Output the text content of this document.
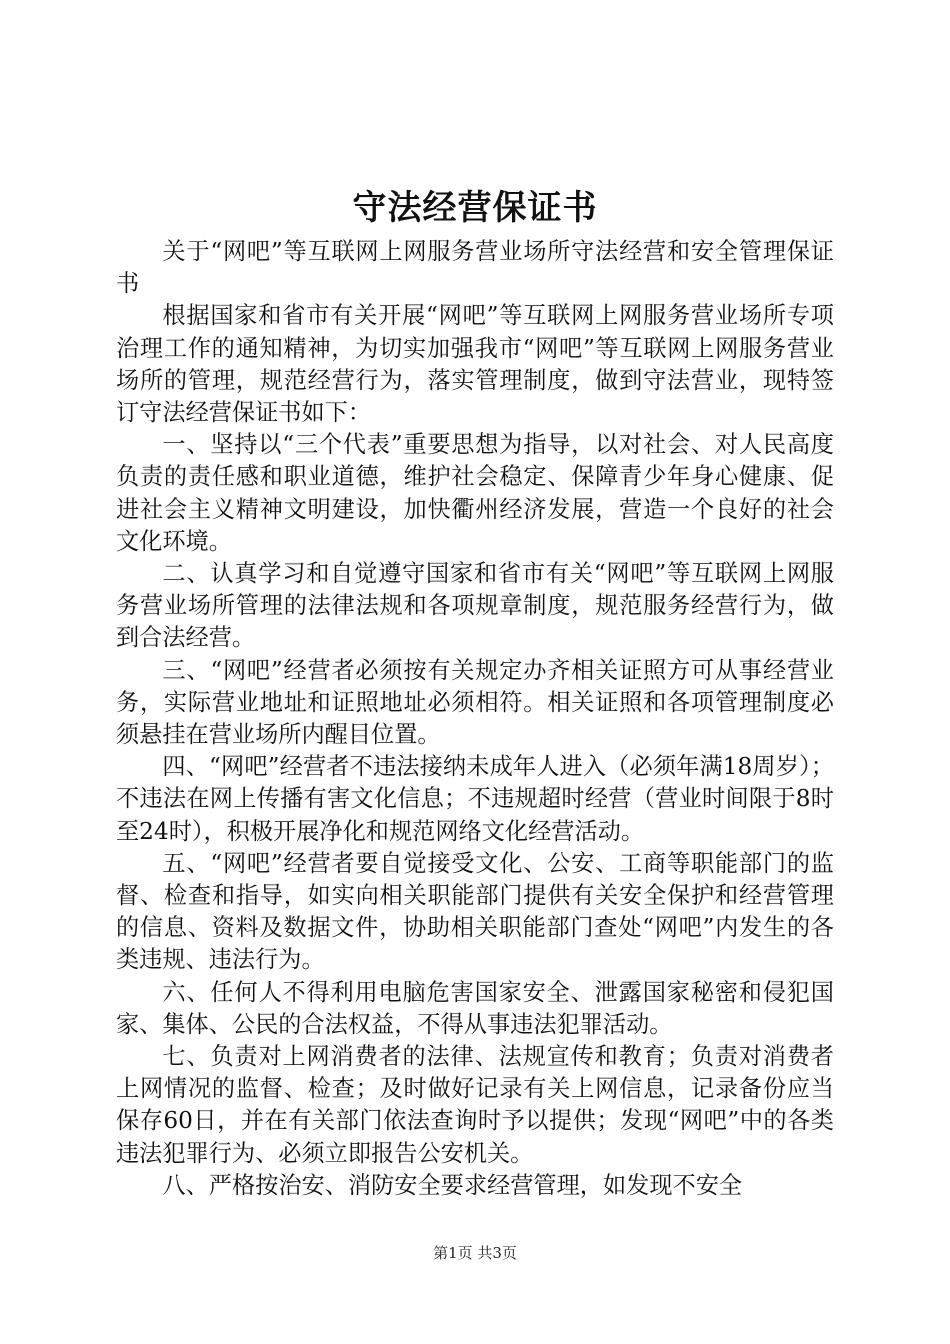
守法经营保证书

关于“网吧”等互联网上网服务营业场所守法经营和安全管理保证书

根据国家和省市有关开展“网吧”等互联网上网服务营业场所专项治理工作的通知精神，为切实加强我市“网吧”等互联网上网服务营业场所的管理，规范经营行为，落实管理制度，做到守法营业，现特签订守法经营保证书如下：

一、坚持以“三个代表”重要思想为指导，以对社会、对人民高度负责的责任感和职业道德，维护社会稳定、保障青少年身心健康、促进社会主义精神文明建设，加快衢州经济发展，营造一个良好的社会文化环境。

二、认真学习和自觉遵守国家和省市有关“网吧”等互联网上网服务营业场所管理的法律法规和各项规章制度，规范服务经营行为，做到合法经营。

三、“网吧”经营者必须按有关规定办齐相关证照方可从事经营业务，实际营业地址和证照地址必须相符。相关证照和各项管理制度必须悬挂在营业场所内醒目位置。

四、“网吧”经营者不违法接纳未成年人进入（必须年满18周岁）；不违法在网上传播有害文化信息；不违规超时经营（营业时间限于8时至24时），积极开展净化和规范网络文化经营活动。

五、“网吧”经营者要自觉接受文化、公安、工商等职能部门的监督、检查和指导，如实向相关职能部门提供有关安全保护和经营管理的信息、资料及数据文件，协助相关职能部门查处“网吧”内发生的各类违规、违法行为。

六、任何人不得利用电脑危害国家安全、泄露国家秘密和侵犯国家、集体、公民的合法权益，不得从事违法犯罪活动。

七、负责对上网消费者的法律、法规宣传和教育；负责对消费者上网情况的监督、检查；及时做好记录有关上网信息，记录备份应当保存60日，并在有关部门依法查询时予以提供；发现“网吧”中的各类违法犯罪行为、必须立即报告公安机关。

八、严格按治安、消防安全要求经营管理，如发现不安全

第1页 共3页
